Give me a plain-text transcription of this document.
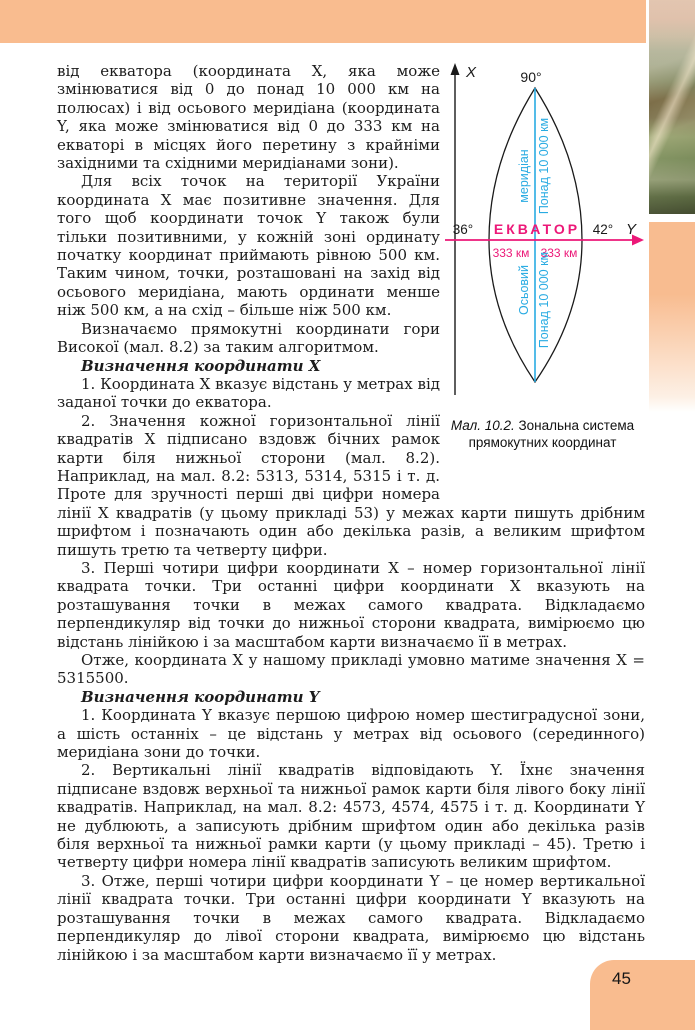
X
Y
90°
36°	42°
ЕКВАТОР
333 км 333 км
меридіан Понад 10 000 км
Осьовий Понад 10 000 км
Мал. 10.2. Зональна система прямокутних координат

від екватора (координата X, яка може змінюватися від 0 до понад 10 000 км на полюсах) і від осьового меридіана (координата Y, яка може змінюватися від 0 до 333 км на екваторі в місцях його перетину з крайніми західними та східними меридіанами зони).

Для всіх точок на території України координата X має позитивне значення. Для того щоб координати точок Y також були тільки позитивними, у кожній зоні ординату початку координат приймають рівною 500 км. Таким чином, точки, розташовані на захід від осьового меридіана, мають ординати менше ніж 500 км, а на схід – більше ніж 500 км.

Визначаємо прямокутні координати гори Високої (мал. 8.2) за таким алгоритмом.

Визначення координати X

1. Координата X вказує відстань у метрах від заданої точки до екватора.

2. Значення кожної горизонтальної лінії квадратів X підписано вздовж бічних рамок карти біля нижньої сторони (мал. 8.2). Наприклад, на мал. 8.2: 5313, 5314, 5315 і т. д. Проте для зручності перші дві цифри номера лінії X квадратів (у цьому прикладі 53) у межах карти пишуть дрібним шрифтом і позначають один або декілька разів, а великим шрифтом пишуть третю та четверту цифри.

3. Перші чотири цифри координати X – номер горизонтальної лінії квадрата точки. Три останні цифри координати X вказують на розташування точки в межах самого квадрата. Відкладаємо перпендикуляр від точки до нижньої сторони квадрата, вимірюємо цю відстань лінійкою і за масштабом карти визначаємо її в метрах.

Отже, координата X у нашому прикладі умовно матиме значення X = 5315500.

Визначення координати Y

1. Координата Y вказує першою цифрою номер шестиградусної зони, а шість останніх – це відстань у метрах від осьового (серединного) меридіана зони до точки.

2. Вертикальні лінії квадратів відповідають Y. Їхнє значення підписане вздовж верхньої та нижньої рамок карти біля лівого боку лінії квадратів. Наприклад, на мал. 8.2: 4573, 4574, 4575 і т. д. Координати Y не дублюють, а записують дрібним шрифтом один або декілька разів біля верхньої та нижньої рамки карти (у цьому прикладі – 45). Третю і четверту цифри номера лінії квадратів записують великим шрифтом.

3. Отже, перші чотири цифри координати Y – це номер вертикальної лінії квадрата точки. Три останні цифри координати Y вказують на розташування точки в межах самого квадрата. Відкладаємо перпендикуляр до лівої сторони квадрата, вимірюємо цю відстань лінійкою і за масштабом карти визначаємо її у метрах.

45
